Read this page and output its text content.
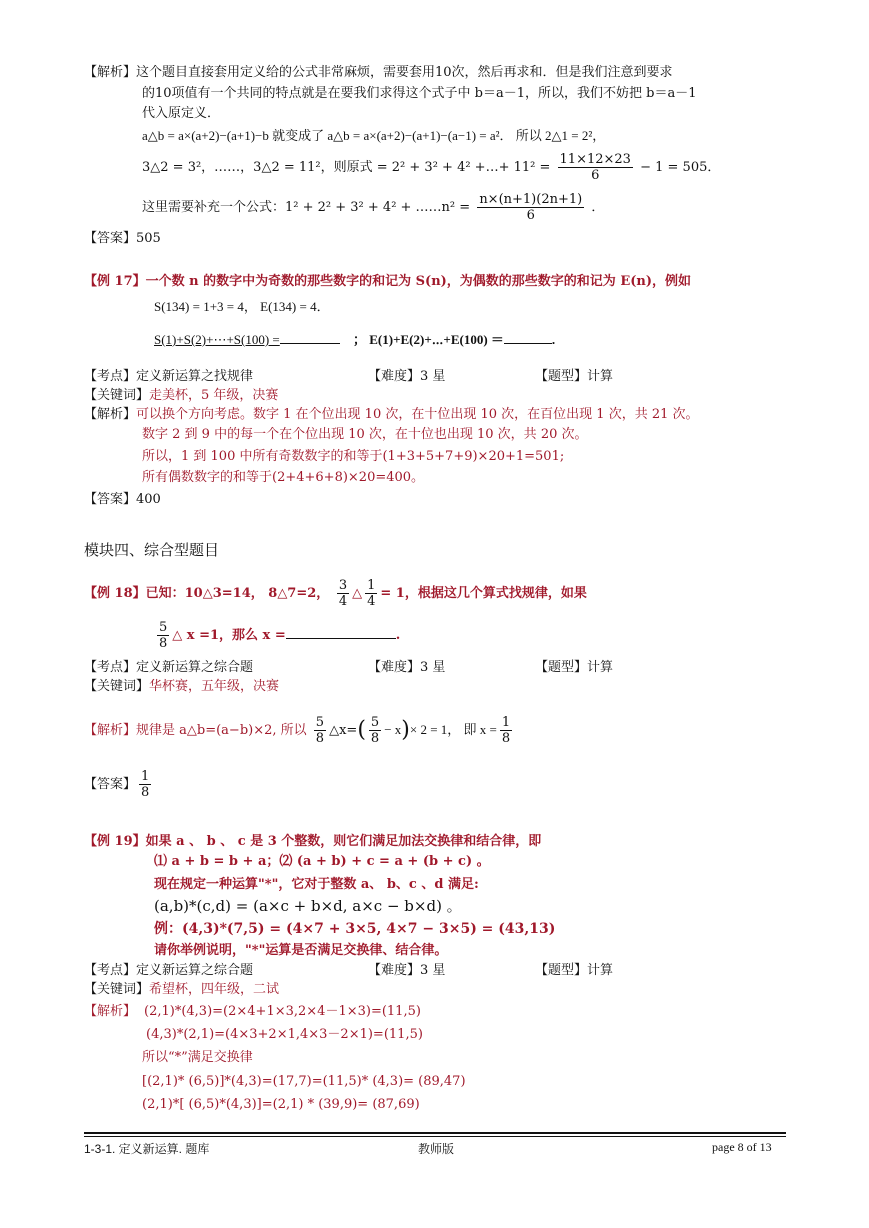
【解析】这个题目直接套用定义给的公式非常麻烦，需要套用10次，然后再求和．但是我们注意到要求
的10项值有一个共同的特点就是在要我们求得这个式子中 b＝a－1，所以，我们不妨把 b＝a－1
代入原定义．
a△b = a×(a+2)−(a+1)−b 就变成了 a△b = a×(a+2)−(a+1)−(a−1) = a²． 所以 2△1 = 2²，
3△2 = 3²，……，3△2 = 11²，则原式 = 2² + 3² + 4² +…+ $11^2 = \frac{11\times 12\times 23}{6} - 1 = 505$．
这里需要补充一个公式：1² + 2² + 3² + 4² + ……n² = $\frac{n\times(n+1)(2n+1)}{6}$ ．
【答案】505
【例 17】一个数 n 的数字中为奇数的那些数字的和记为 S(n)，为偶数的那些数字的和记为 E(n)，例如
S(134) = 1+3 = 4， E(134) = 4．
S(1)+S(2)+⋯+S(100) =	； E(1)+E(2)+⋯+E(100) ＝	.
【考点】定义新运算之找规律	【难度】3 星	【题型】计算
【关键词】走美杯，5 年级，决赛
【解析】可以换个方向考虑。数字 1 在个位出现 10 次，在十位出现 10 次，在百位出现 1 次，共 21 次。
数字 2 到 9 中的每一个在个位出现 10 次，在十位也出现 10 次，共 20 次。
所以，1 到 100 中所有奇数数字的和等于(1+3+5+7+9)×20+1=501;
所有偶数数字的和等于(2+4+6+8)×20=400。
【答案】400
模块四、综合型题目
【例 18】已知：10△3=14， 8△7=2， $\frac{3}{4}$ △ $\frac{1}{4} = 1$，根据这几个算式找规律，如果
$\frac{5}{8}$ △ x =1，那么 x =	.
【考点】定义新运算之综合题	【难度】3 星	【题型】计算
【关键词】华杯赛，五年级，决赛
【解析】规律是 a△b=(a−b)×2, 所以 $\frac{5}{8}$ △x=( $\frac{5}{8} - x)\times 2 = 1$， 即 $x = \frac{1}{8}$
【答案】 $\frac{1}{8}$
【例 19】如果 a 、 b 、 c 是 3 个整数，则它们满足加法交换律和结合律，即
⑴ a + b = b + a；⑵ (a + b) + c = a + (b + c) 。
现在规定一种运算"*"，它对于整数 a、 b、c 、d 满足:
(a,b)*(c,d) = (a×c + b×d, a×c − b×d) 。
例：(4,3)*(7,5) = (4×7 + 3×5, 4×7 − 3×5) = (43,13)
请你举例说明，"*"运算是否满足交换律、结合律。
【考点】定义新运算之综合题	【难度】3 星	【题型】计算
【关键词】希望杯，四年级，二试
【解析】 (2,1)*(4,3)=(2×4+1×3,2×4－1×3)=(11,5)
(4,3)*(2,1)=(4×3+2×1,4×3－2×1)=(11,5)
所以“*”满足交换律
[(2,1)* (6,5)]*(4,3)=(17,7)=(11,5)* (4,3)= (89,47)
(2,1)*[ (6,5)*(4,3)]=(2,1) * (39,9)= (87,69)
1-3-1. 定义新运算. 题库	教师版	page 8 of 13
